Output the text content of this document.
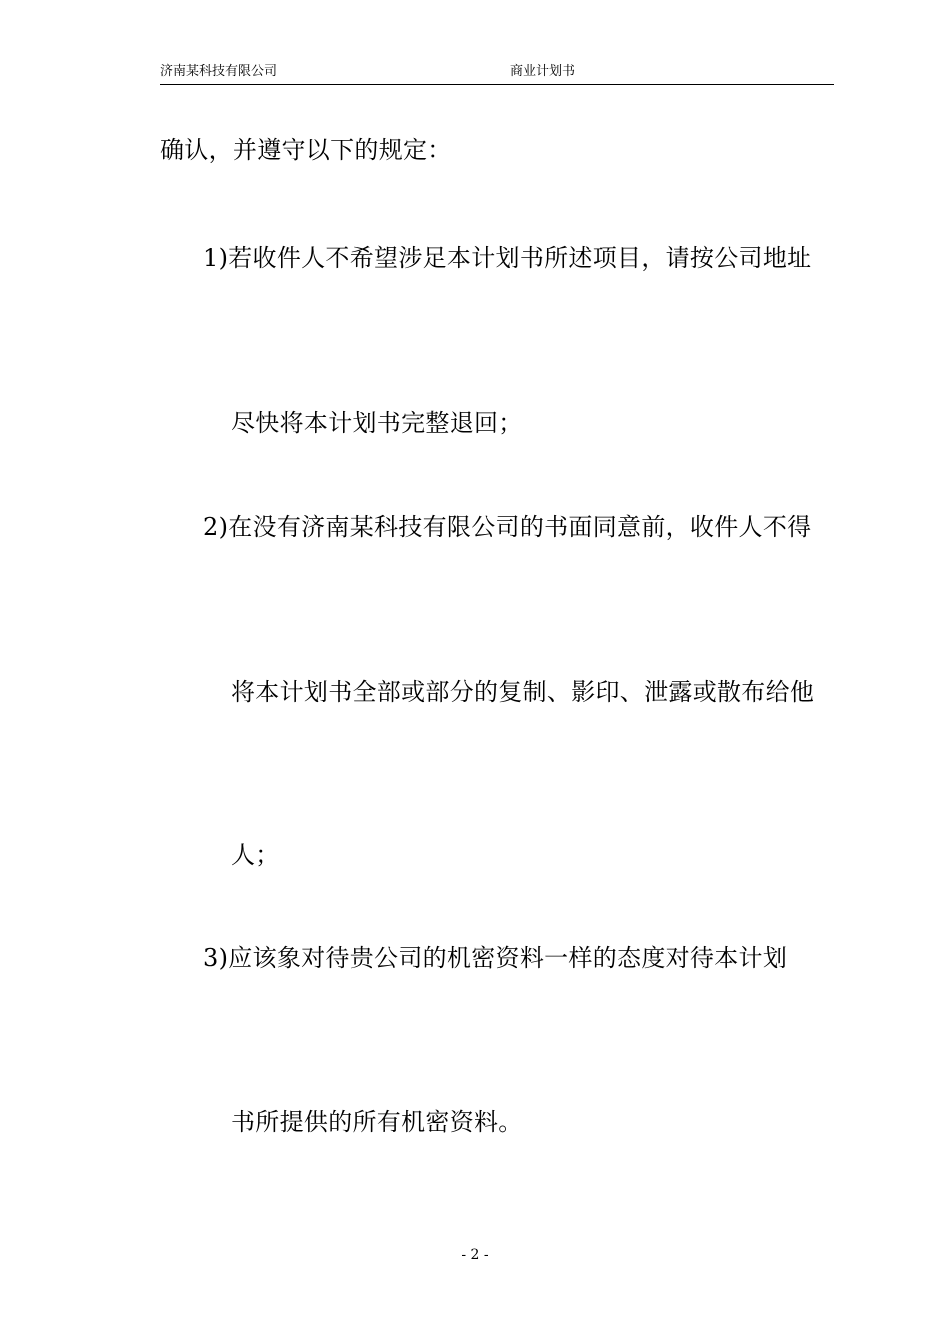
济南某科技有限公司	商业计划书
确认，并遵守以下的规定：
1)若收件人不希望涉足本计划书所述项目，请按公司地址
尽快将本计划书完整退回；
2)在没有济南某科技有限公司的书面同意前，收件人不得
将本计划书全部或部分的复制、影印、泄露或散布给他
人；
3)应该象对待贵公司的机密资料一样的态度对待本计划
书所提供的所有机密资料。
- 2 -
